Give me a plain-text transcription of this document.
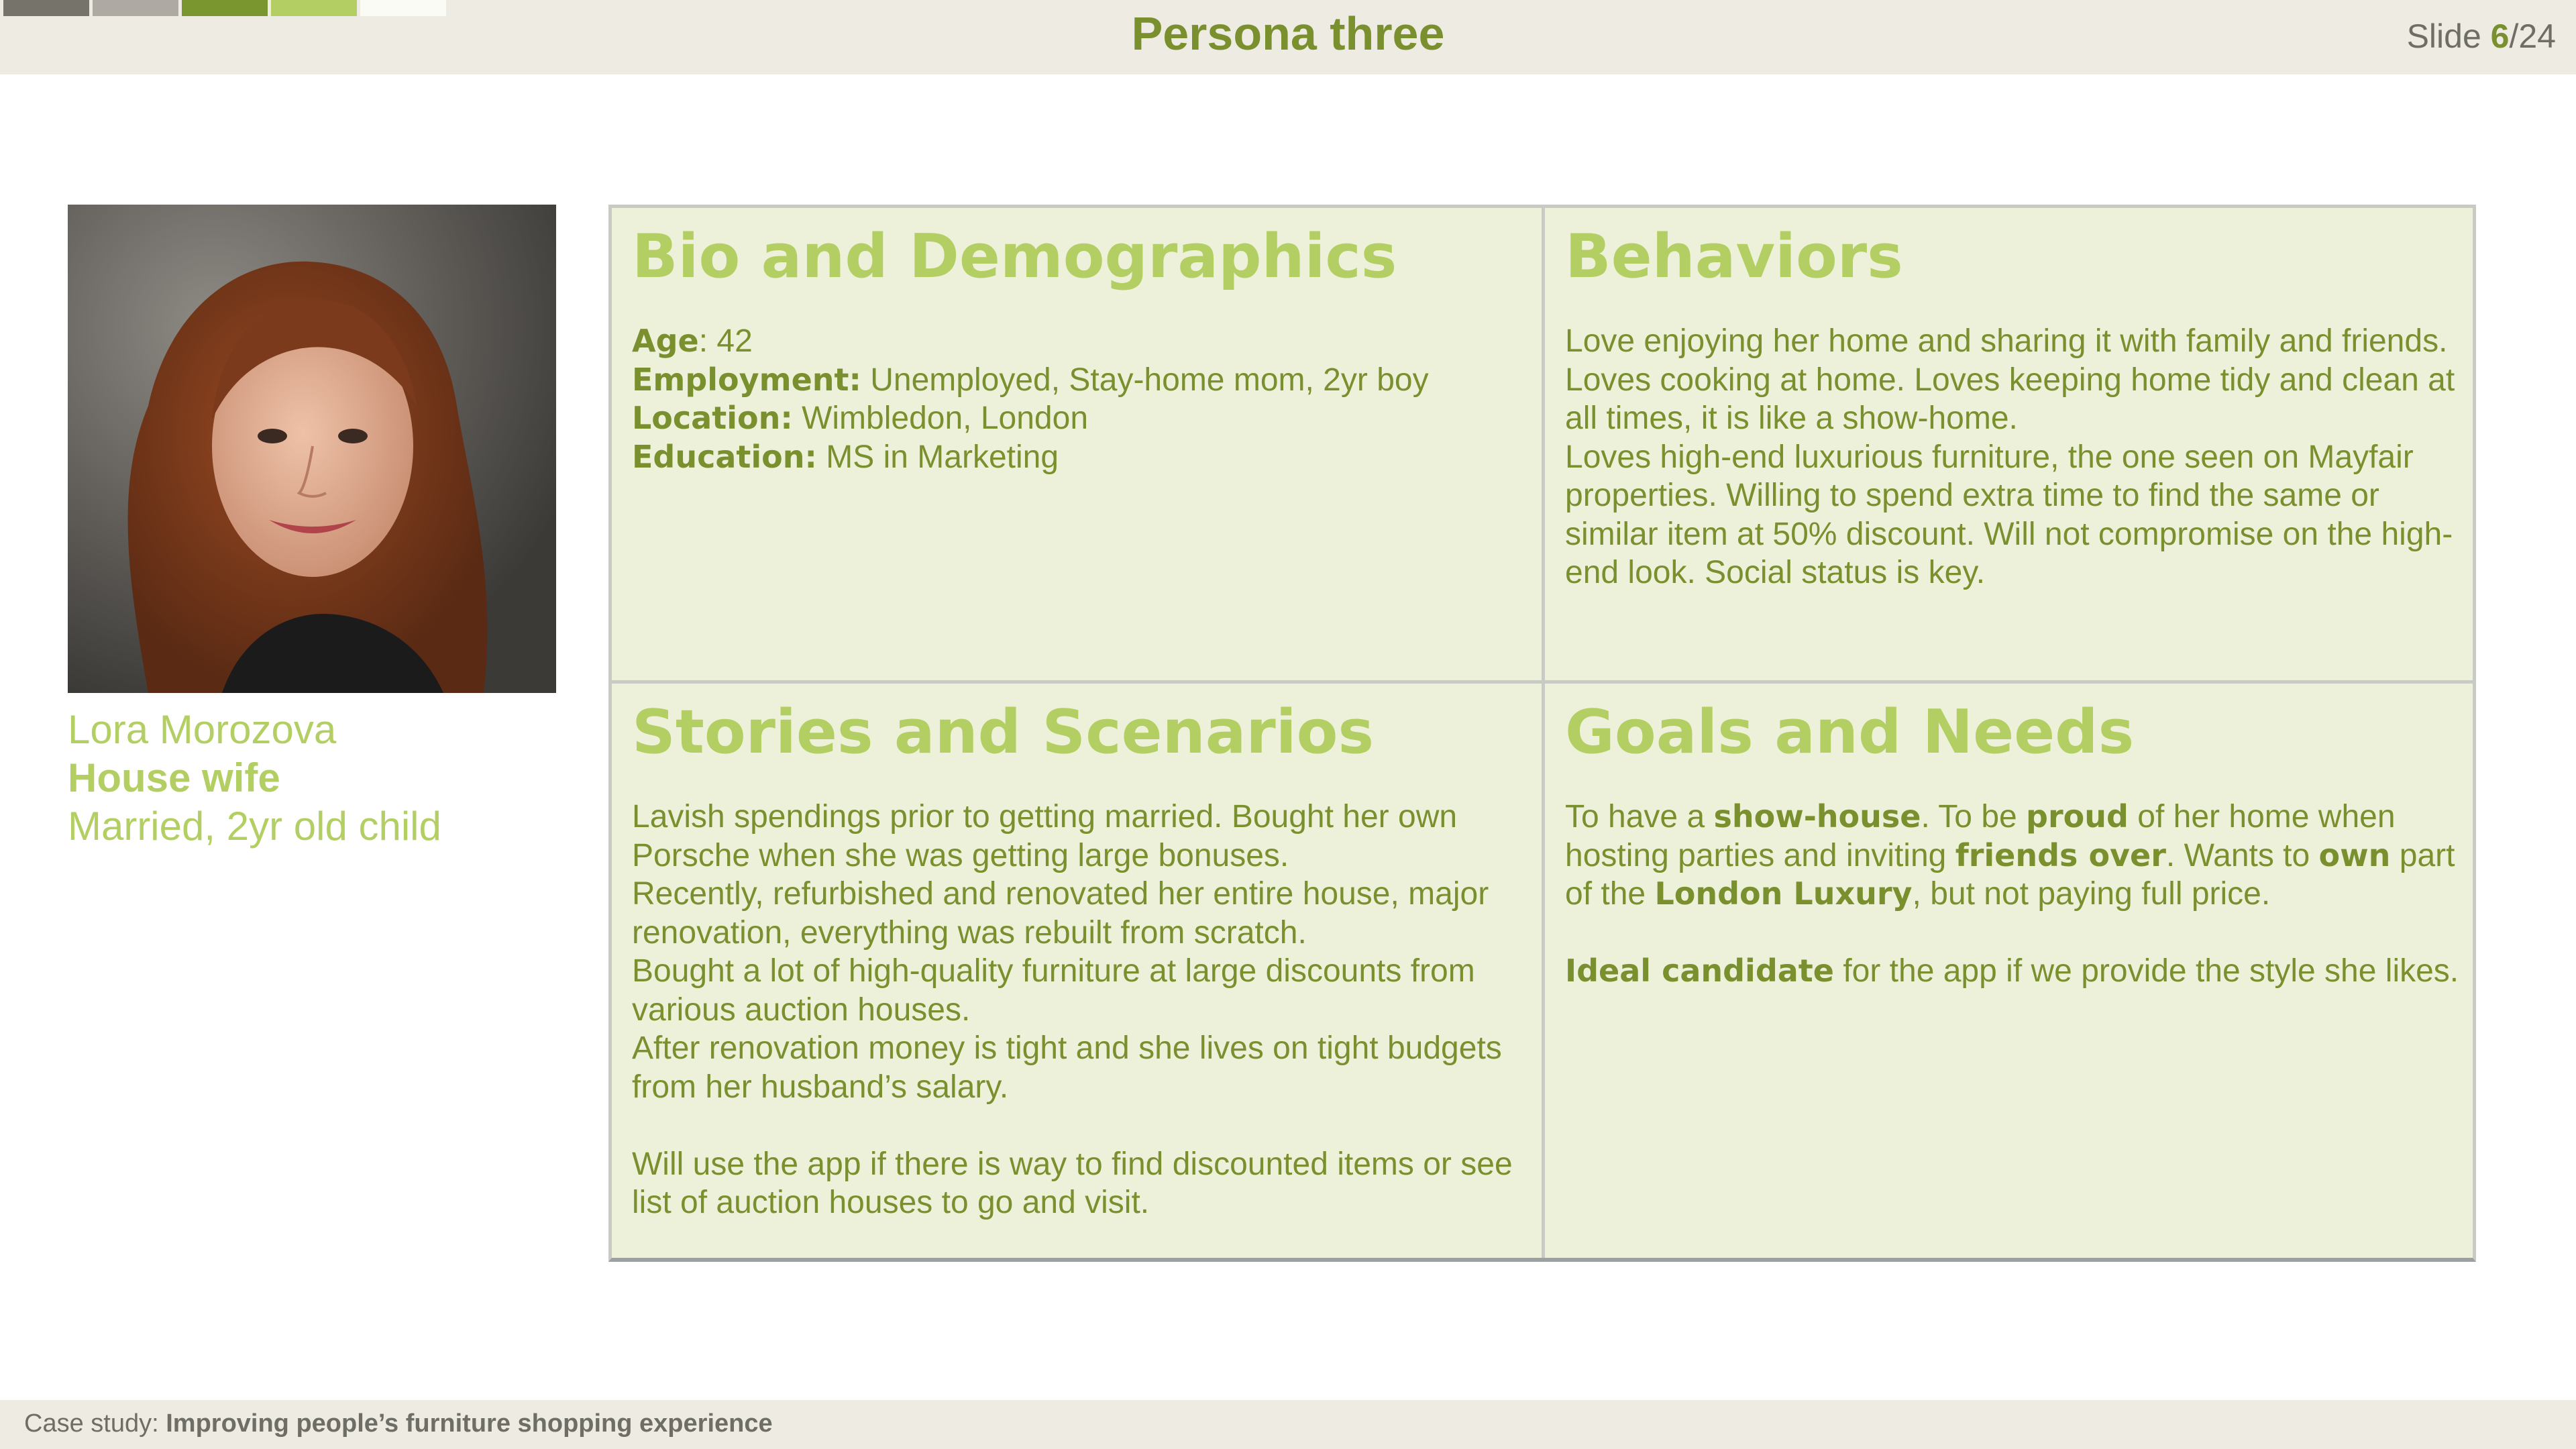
Persona three	Slide 6/24
Lora Morozova
House wife
Married, 2yr old child
Bio and Demographics

Age: 42

Employment: Unemployed, Stay-home mom, 2yr boy

Location: Wimbledon, London

Education: MS in Marketing

Behaviors

Love enjoying her home and sharing it with family and friends. Loves cooking at home. Loves keeping home tidy and clean at all times, it is like a show-home.

Loves high-end luxurious furniture, the one seen on Mayfair properties. Willing to spend extra time to find the same or similar item at 50% discount. Will not compromise on the high-end look. Social status is key.

Stories and Scenarios

Lavish spendings prior to getting married. Bought her own Porsche when she was getting large bonuses.

Recently, refurbished and renovated her entire house, major renovation, everything was rebuilt from scratch.

Bought a lot of high-quality furniture at large discounts from various auction houses.

After renovation money is tight and she lives on tight budgets from her husband’s salary.

Will use the app if there is way to find discounted items or see list of auction houses to go and visit.

Goals and Needs

To have a show-house. To be proud of her home when hosting parties and inviting friends over. Wants to own part of the London Luxury, but not paying full price.

Ideal candidate for the app if we provide the style she likes.

Case study: Improving people’s furniture shopping experience
